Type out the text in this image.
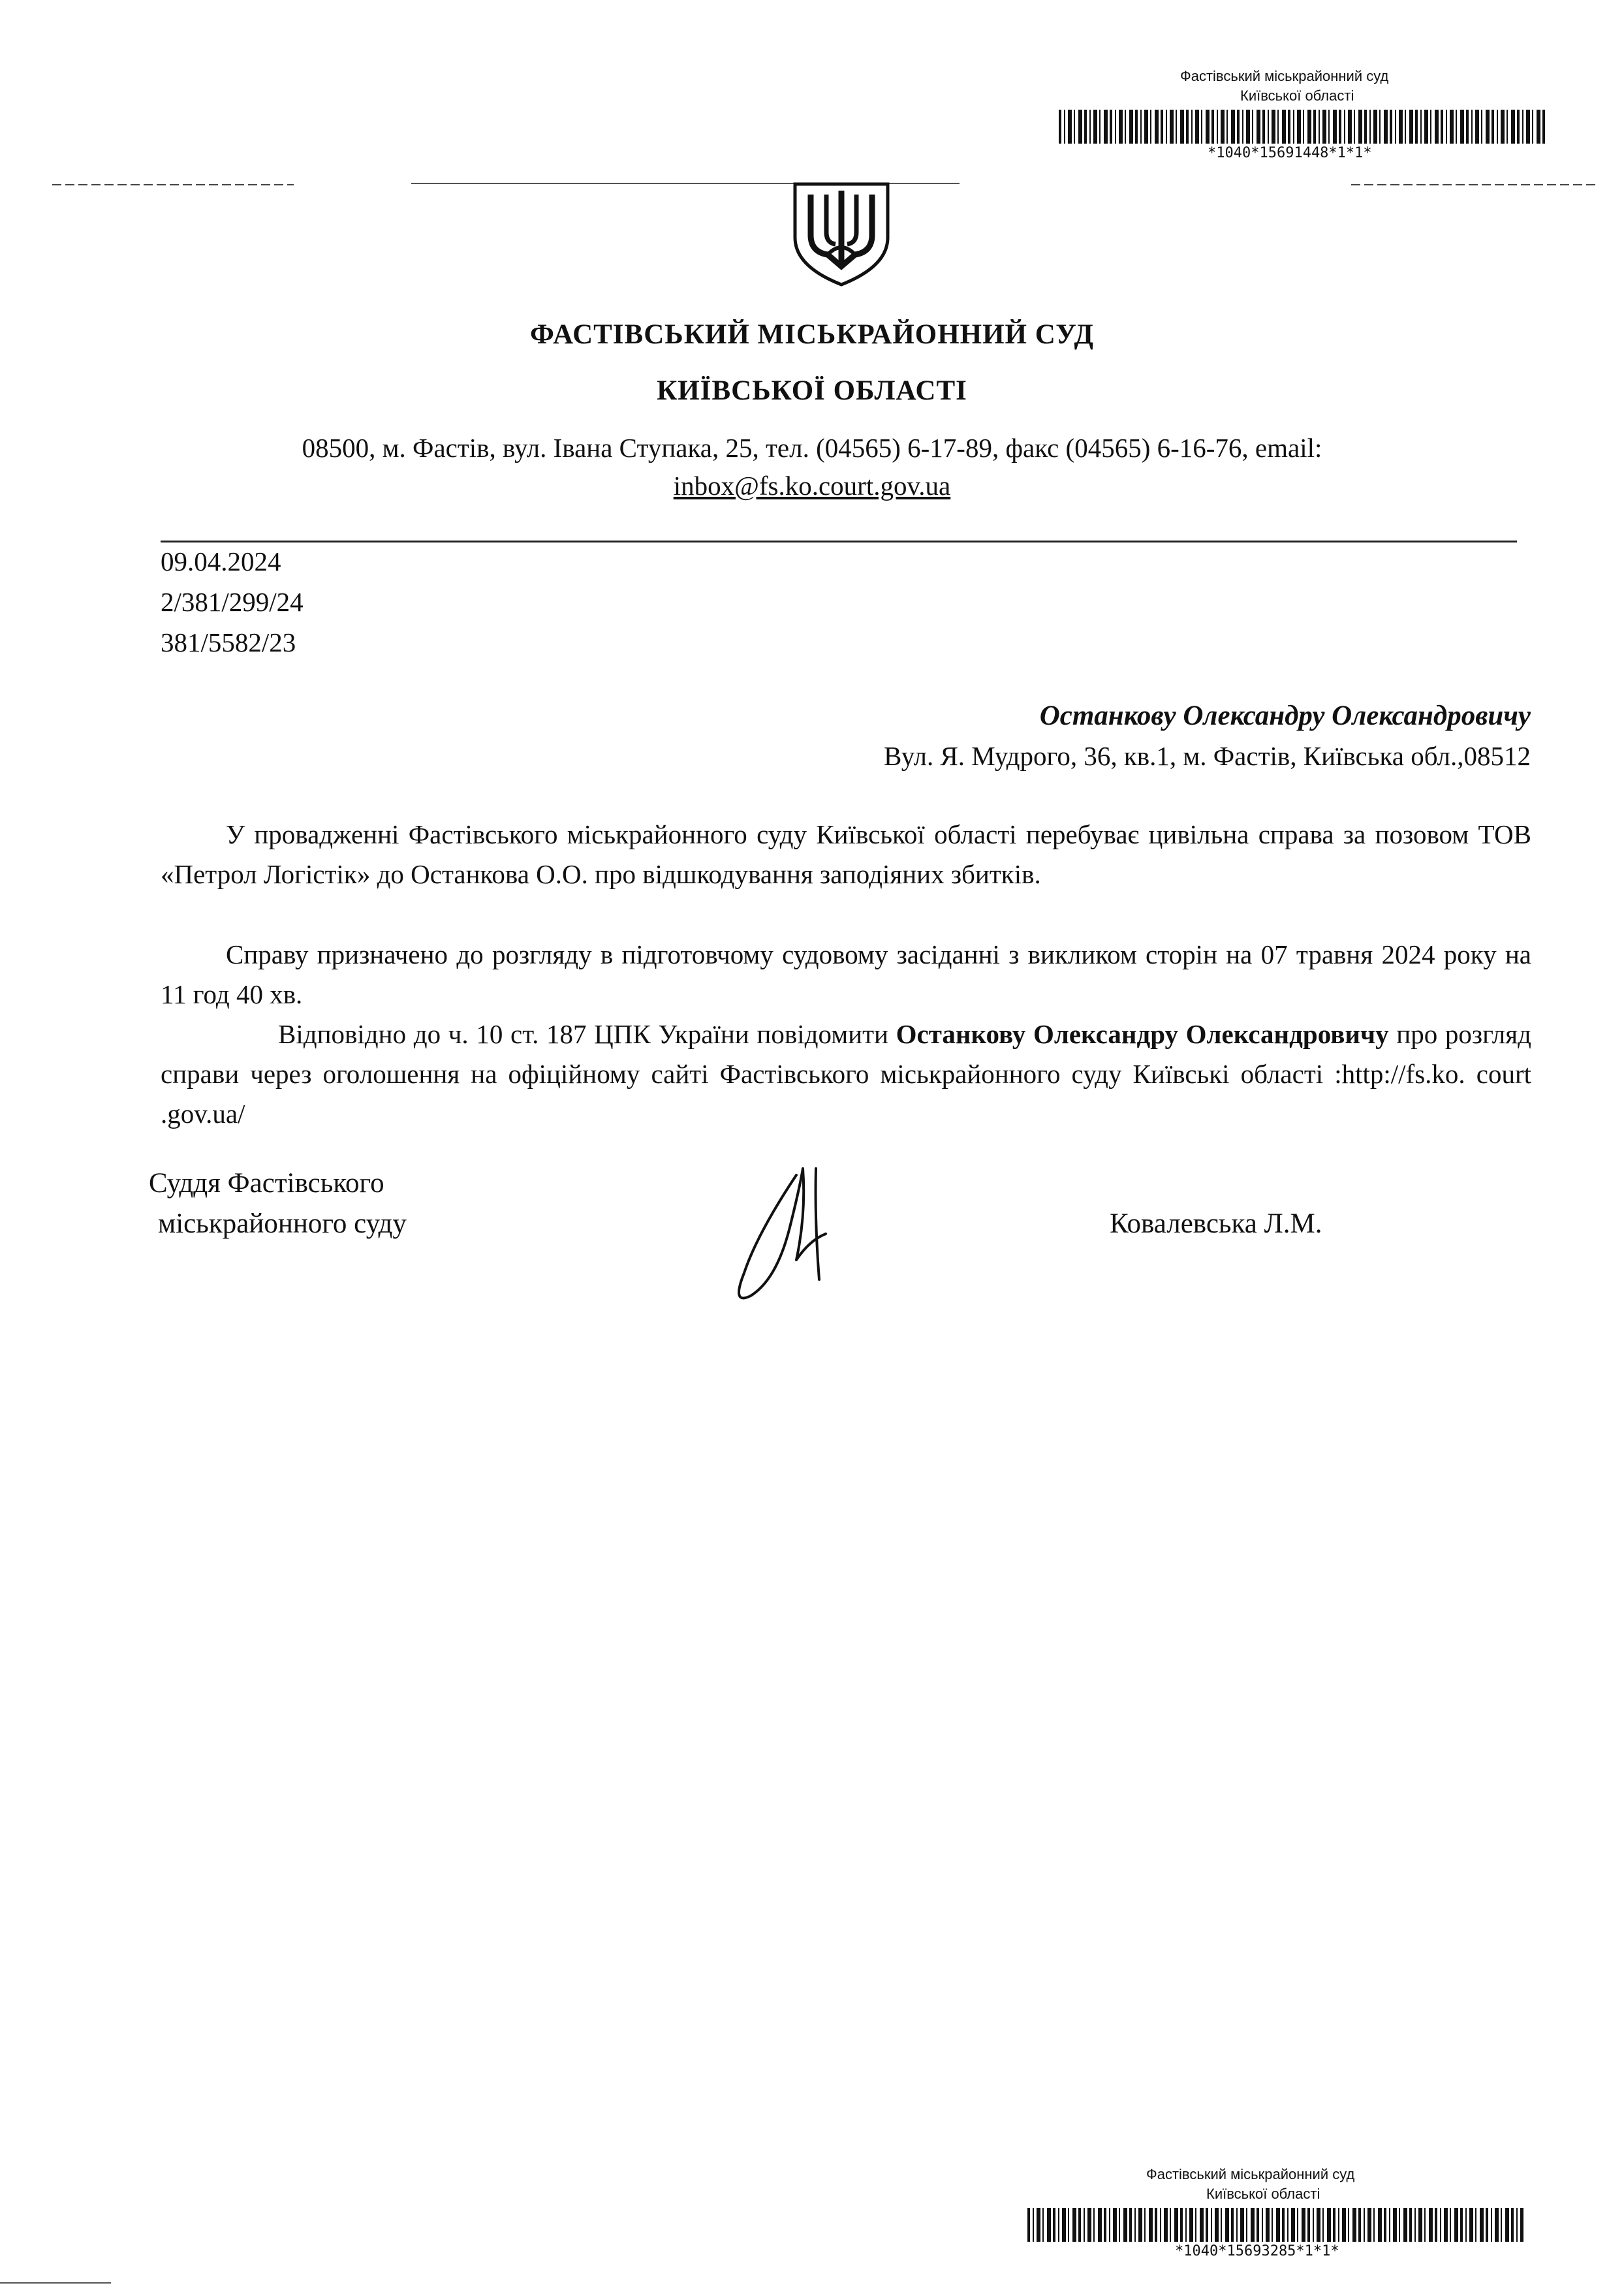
Фастівський міськрайонний суд
Київської області
*1040*15691448*1*1*
ФАСТІВСЬКИЙ МІСЬКРАЙОННИЙ СУД
КИЇВСЬКОЇ ОБЛАСТІ
08500, м. Фастів, вул. Івана Ступака, 25, тел. (04565) 6-17-89, факс (04565) 6-16-76, email:
inbox@fs.ko.court.gov.ua
09.04.2024
2/381/299/24
381/5582/23
Останкову Олександру Олександровичу
Вул. Я. Мудрого, 36, кв.1, м. Фастів, Київська обл.,08512
У провадженні Фастівського міськрайонного суду Київської області перебуває цивільна справа за позовом ТОВ «Петрол Логістік» до Останкова О.О. про відшкодування заподіяних збитків.
Справу призначено до розгляду в підготовчому судовому засіданні з викликом сторін на 07 травня 2024 року на 11 год 40 хв.
Відповідно до ч. 10 ст. 187 ЦПК України повідомити Останкову Олександру Олександровичу про розгляд справи через оголошення на офіційному сайті Фастівського міськрайонного суду Київські області :http://fs.ko. court .gov.ua/
Суддя Фастівського
міськрайонного суду	Ковалевська Л.М.
Фастівський міськрайонний суд
Київської області
*1040*15693285*1*1*
